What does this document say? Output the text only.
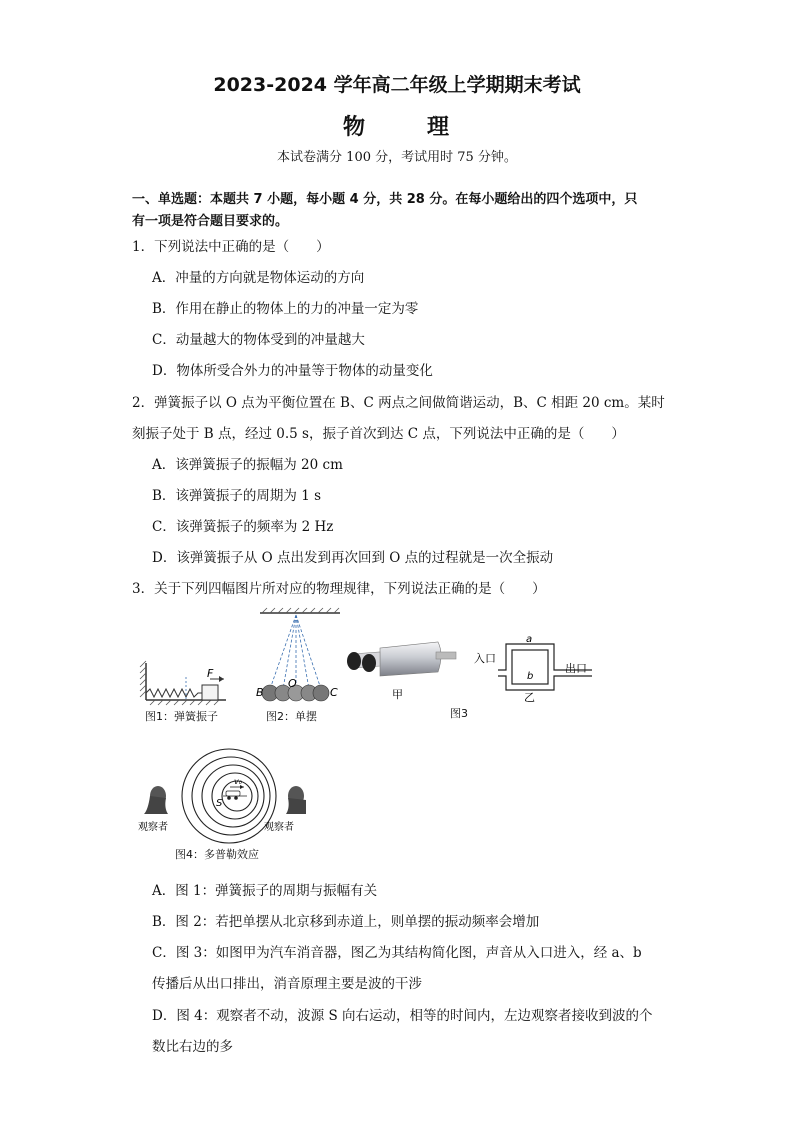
2023-2024 学年高二年级上学期期末考试
物	理
本试卷满分 100 分，考试用时 75 分钟。
一、单选题：本题共 7 小题，每小题 4 分，共 28 分。在每小题给出的四个选项中，只
有一项是符合题目要求的。
1．下列说法中正确的是（　　）
A．冲量的方向就是物体运动的方向
B．作用在静止的物体上的力的冲量一定为零
C．动量越大的物体受到的冲量越大
D．物体所受合外力的冲量等于物体的动量变化
2．弹簧振子以 O 点为平衡位置在 B、C 两点之间做简谐运动，B、C 相距 20 cm。某时
刻振子处于 B 点，经过 0.5 s，振子首次到达 C 点，下列说法中正确的是（　　）
A．该弹簧振子的振幅为 20 cm
B．该弹簧振子的周期为 1 s
C．该弹簧振子的频率为 2 Hz
D．该弹簧振子从 O 点出发到再次回到 O 点的过程就是一次全振动
3．关于下列四幅图片所对应的物理规律，下列说法正确的是（　　）
F
图1：弹簧振子
B
O
C
图2：单摆
甲
入口
出口
a
b
乙
图3
v₀
S
观察者	观察者
图4：多普勒效应
A．图 1：弹簧振子的周期与振幅有关
B．图 2：若把单摆从北京移到赤道上，则单摆的振动频率会增加
C．图 3：如图甲为汽车消音器，图乙为其结构简化图，声音从入口进入，经 a、b
传播后从出口排出，消音原理主要是波的干涉
D．图 4：观察者不动，波源 S 向右运动，相等的时间内，左边观察者接收到波的个
数比右边的多
